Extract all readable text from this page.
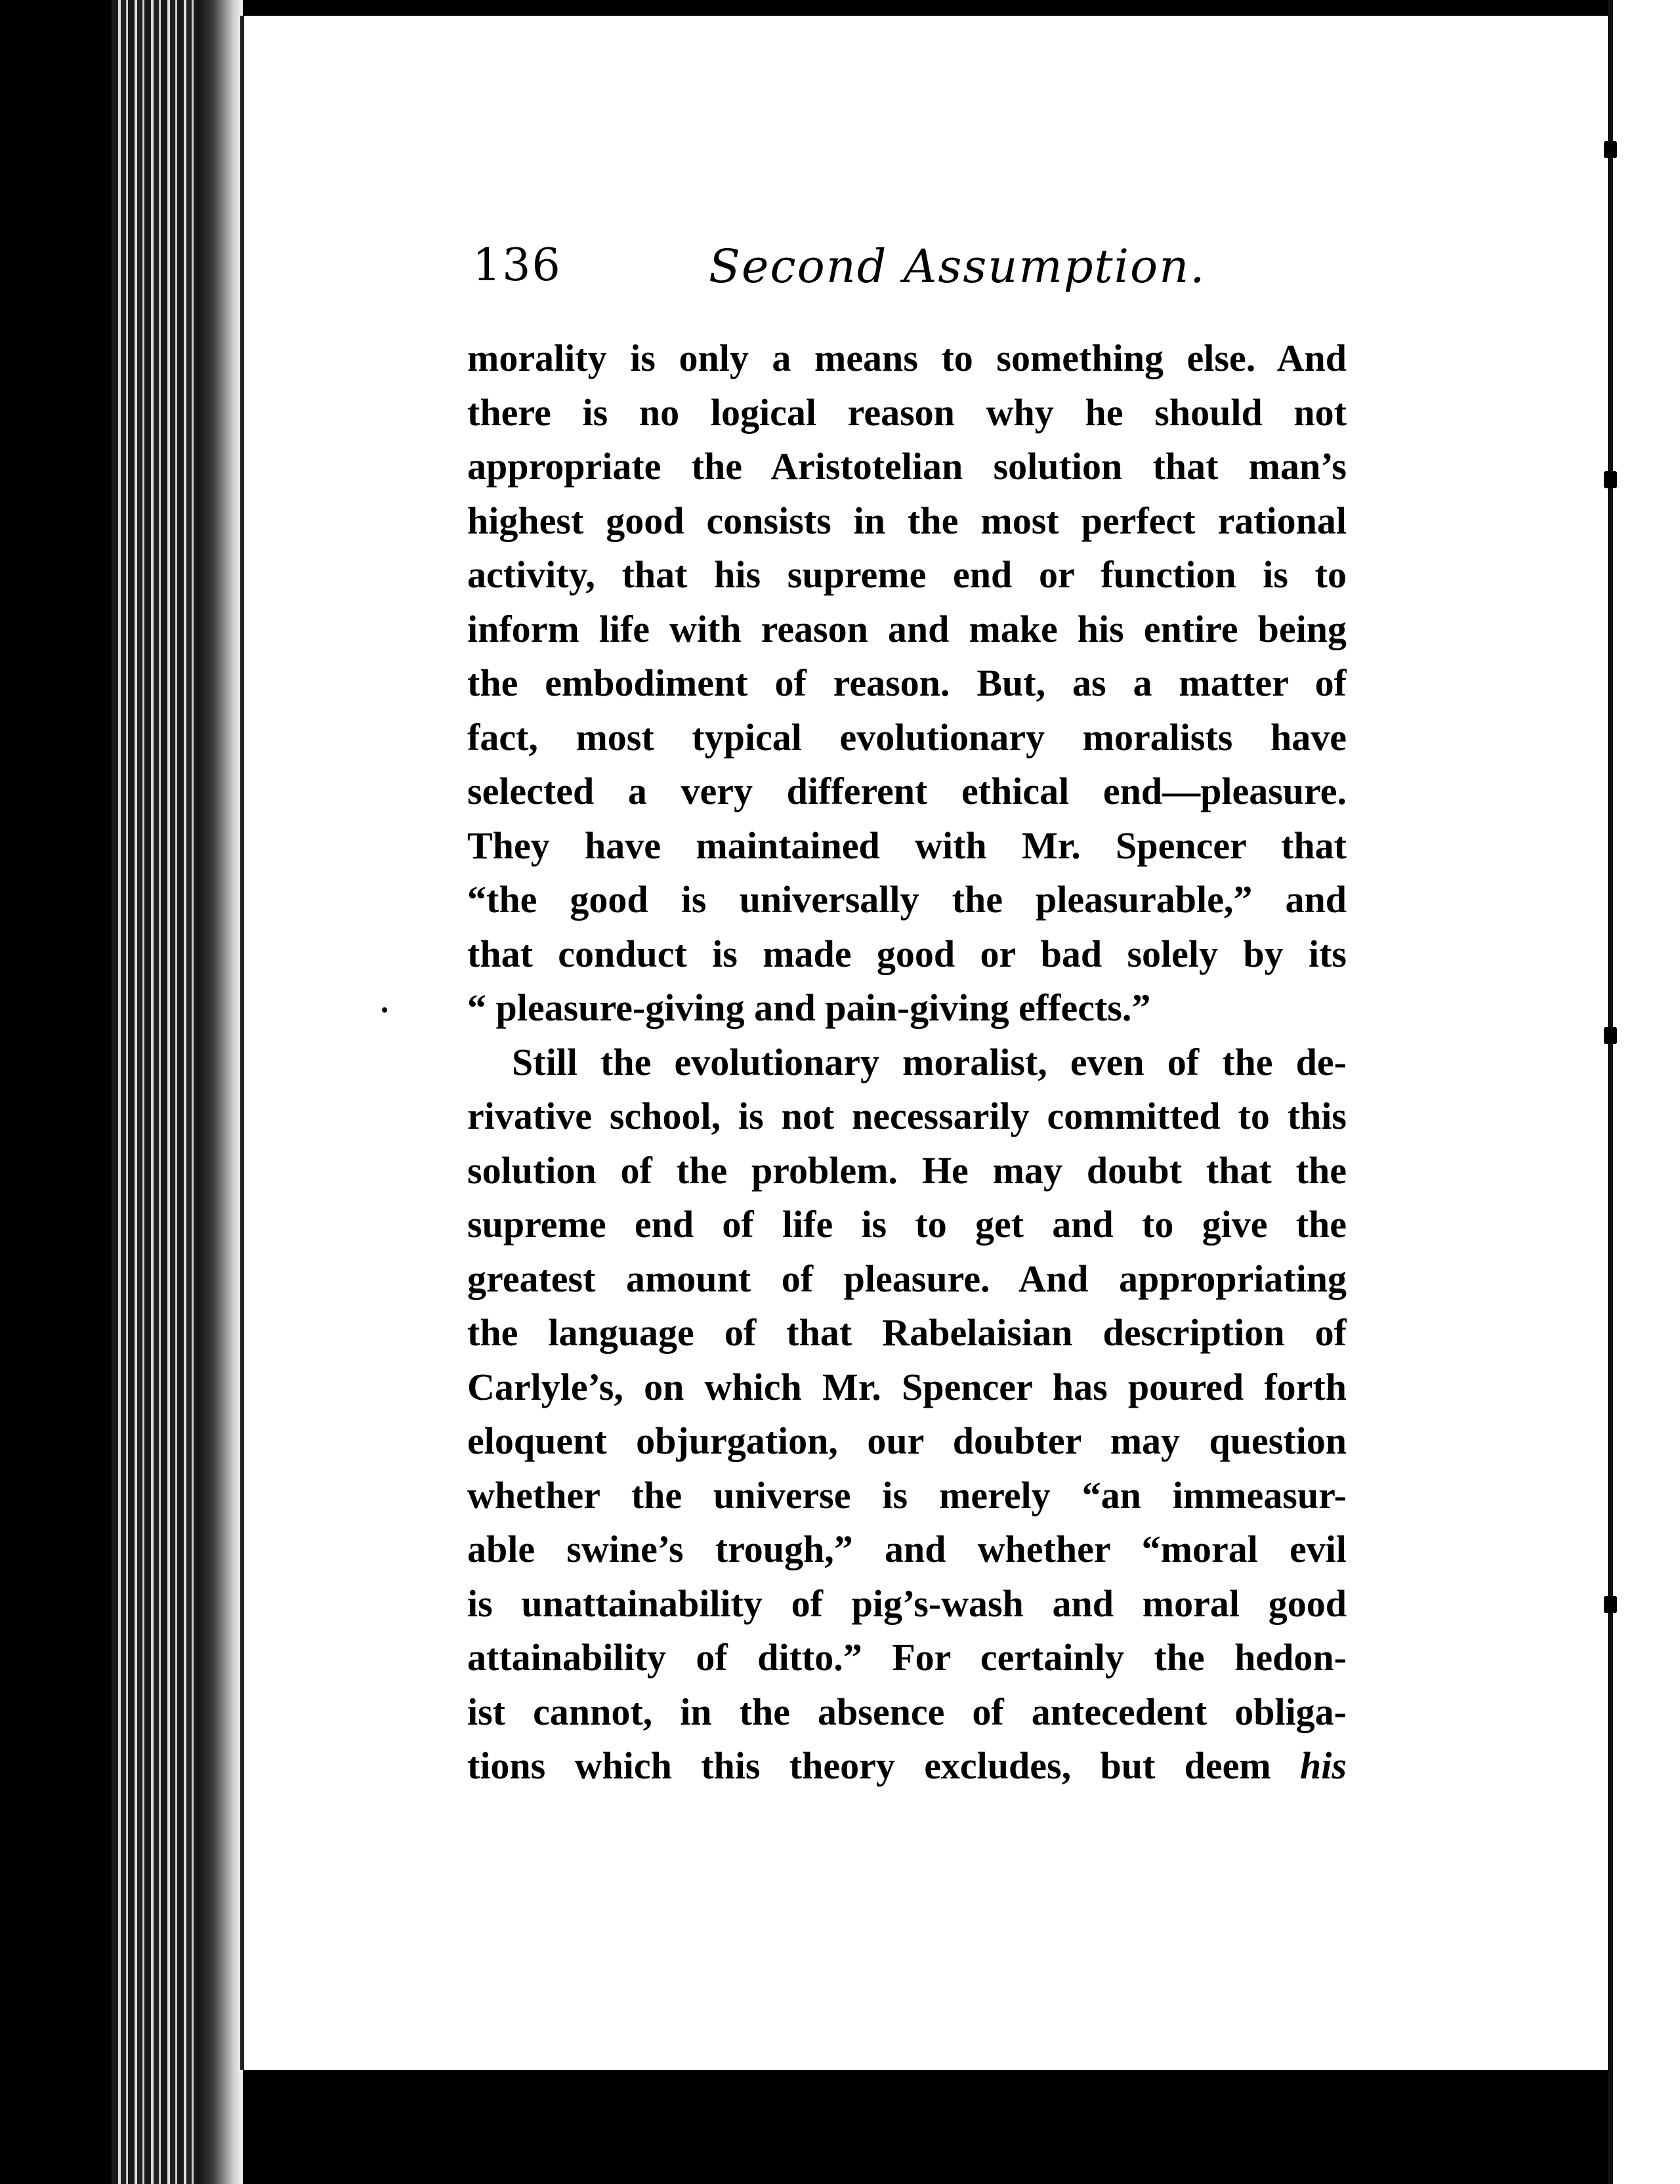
136	Second Assumption.
morality is only a means to something else. And
there is no logical reason why he should not
appropriate the Aristotelian solution that man’s
highest good consists in the most perfect rational
activity, that his supreme end or function is to
inform life with reason and make his entire being
the embodiment of reason. But, as a matter of
fact, most typical evolutionary moralists have
selected a very different ethical end—pleasure.
They have maintained with Mr. Spencer that
“the good is universally the pleasurable,” and
that conduct is made good or bad solely by its
“ pleasure-giving and pain-giving effects.”
Still the evolutionary moralist, even of the de-
rivative school, is not necessarily committed to this
solution of the problem. He may doubt that the
supreme end of life is to get and to give the
greatest amount of pleasure. And appropriating
the language of that Rabelaisian description of
Carlyle’s, on which Mr. Spencer has poured forth
eloquent objurgation, our doubter may question
whether the universe is merely “an immeasur-
able swine’s trough,” and whether “moral evil
is unattainability of pig’s-wash and moral good
attainability of ditto.” For certainly the hedon-
ist cannot, in the absence of antecedent obliga-
tions which this theory excludes, but deem his
